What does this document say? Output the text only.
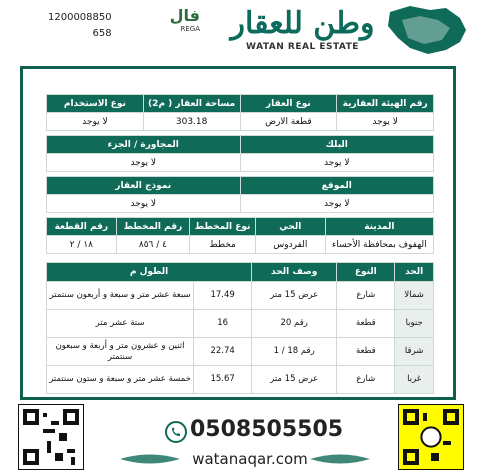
وطن للعقار
WATAN REAL ESTATE
فال
REGA
1200008850
658
رقم الهيئة العقارية	نوع العقار	مساحة العقار ( م2)	نوع الاستخدام
لا يوجد	قطعة الارض	303.18	لا يوجد
البلك	المجاورة / الجزء
لا يوجد	لا يوجد
الموقع	نموذج العقار
لا يوجد	لا يوجد
المدينة	الحي	نوع المخطط	رقم المخطط	رقم القطعة
الهفوف بمحافظة الأحساء	الفردوس	مخطط	٤ / ٨٥٦	١٨ / ٢
الحد	النوع	وصف الحد	الطول م	
شمالا	شارع	عرض 15 متر	17.49	سبعة عشر متر و سبعة و أربعون سنتمتر
جنوبا	قطعة	رقم 20	16	ستة عشر متر
شرقا	قطعة	رقم 18 / 1	22.74	اثنين و عشرون متر و أربعة و سبعون سنتمتر
غربا	شارع	عرض 15 متر	15.67	خمسة عشر متر و سبعة و ستون سنتمتر
0508505505
watanaqar.com
